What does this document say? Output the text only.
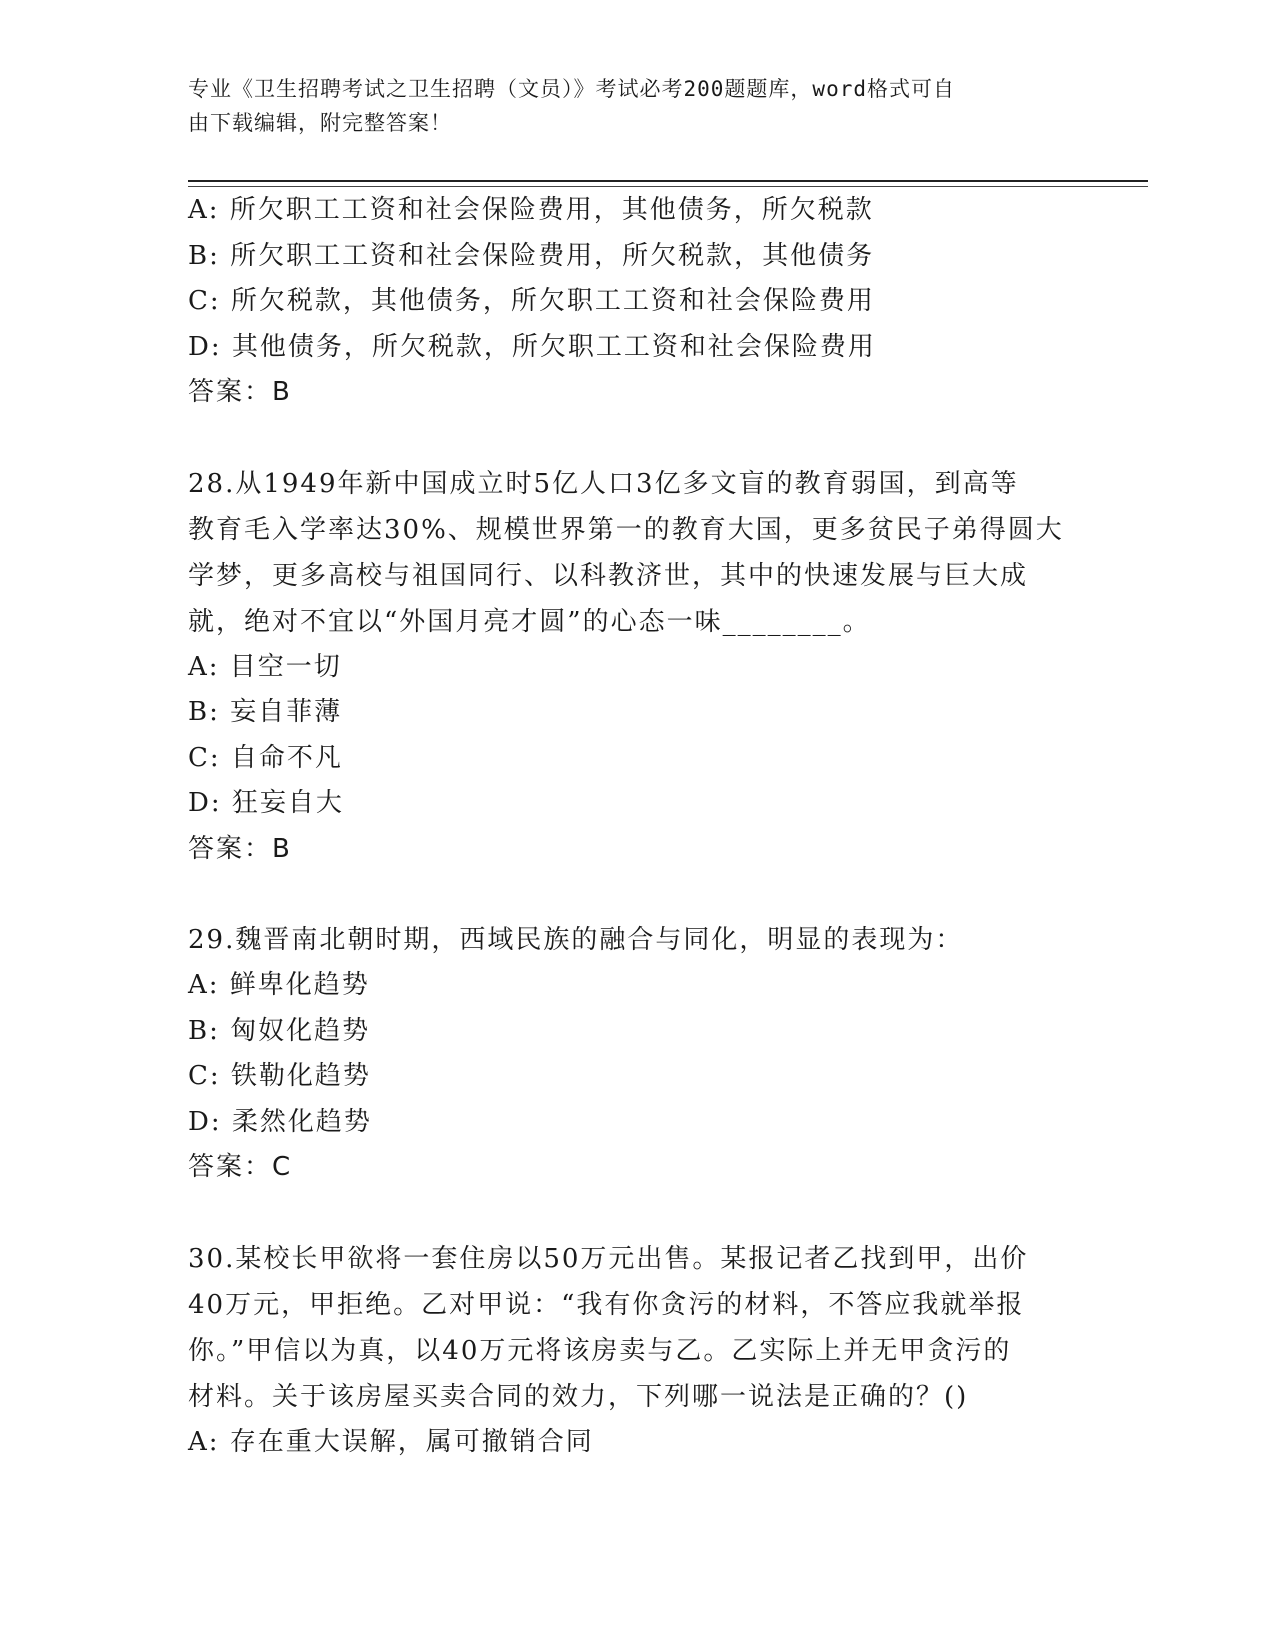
专业《卫生招聘考试之卫生招聘（文员）》考试必考200题题库，word格式可自
由下载编辑，附完整答案！
A: 所欠职工工资和社会保险费用，其他债务，所欠税款
B: 所欠职工工资和社会保险费用，所欠税款，其他债务
C: 所欠税款，其他债务，所欠职工工资和社会保险费用
D: 其他债务，所欠税款，所欠职工工资和社会保险费用
答案：B
28.从1949年新中国成立时5亿人口3亿多文盲的教育弱国，到高等
教育毛入学率达30%、规模世界第一的教育大国，更多贫民子弟得圆大
学梦，更多高校与祖国同行、以科教济世，其中的快速发展与巨大成
就，绝对不宜以“外国月亮才圆”的心态一味________。
A: 目空一切
B: 妄自菲薄
C: 自命不凡
D: 狂妄自大
答案：B
29.魏晋南北朝时期，西域民族的融合与同化，明显的表现为：
A: 鲜卑化趋势
B: 匈奴化趋势
C: 铁勒化趋势
D: 柔然化趋势
答案：C
30.某校长甲欲将一套住房以50万元出售。某报记者乙找到甲，出价
40万元，甲拒绝。乙对甲说：“我有你贪污的材料，不答应我就举报
你。”甲信以为真，以40万元将该房卖与乙。乙实际上并无甲贪污的
材料。关于该房屋买卖合同的效力，下列哪一说法是正确的？()
A: 存在重大误解，属可撤销合同
